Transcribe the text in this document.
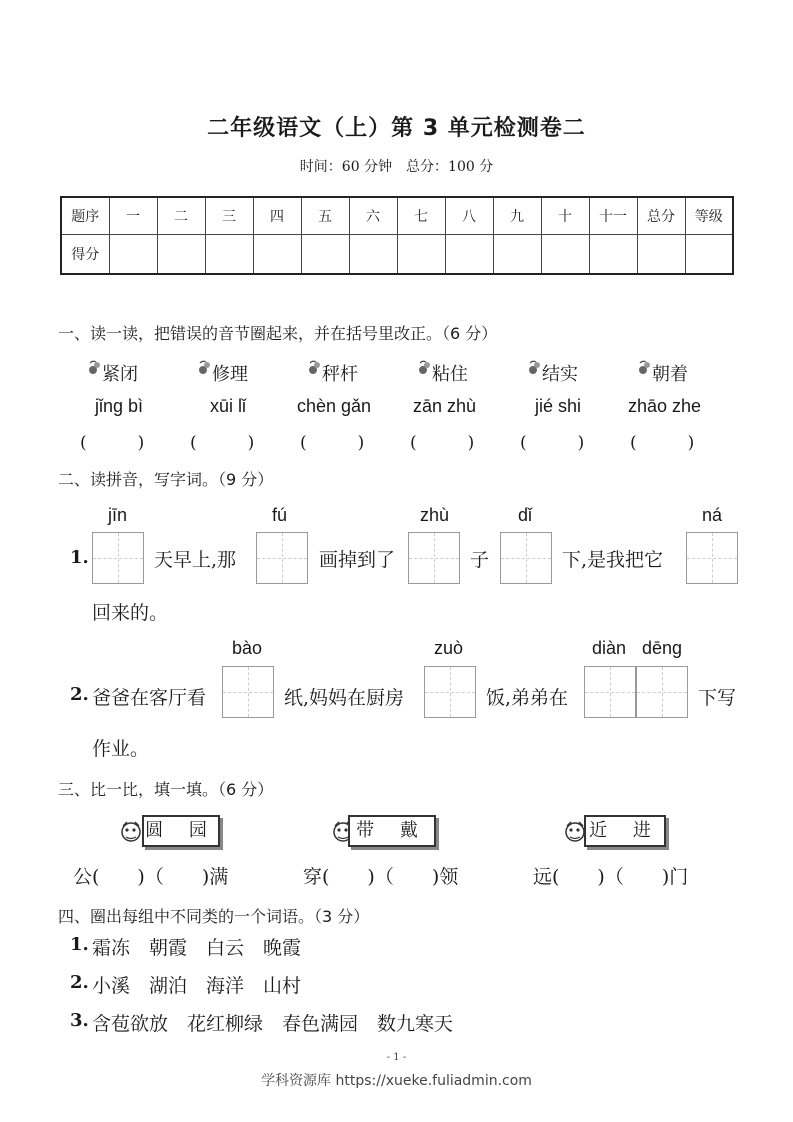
二年级语文（上）第 3 单元检测卷二
时间：60 分钟　总分：100 分
题序	一	二	三	四	五	六	七	八	九	十	十一	总分	等级
得分													
一、读一读，把错误的音节圈起来，并在括号里改正。（6 分）
紧闭
jǐng bì
(　　　)
修理
xūi lǐ
(　　　)
秤杆
chèn gǎn
(　　　)
粘住
zān zhù
(　　　)
结实
jié shi
(　　　)
朝着
zhāo zhe
(　　　)
二、读拼音，写字词。（9 分）
1.
jīn	fú	zhù	dǐ	ná
天早上,那	画掉到了	子	下,是我把它
回来的。
2.
bào	zuò	diàn dēng
爸爸在客厅看	纸,妈妈在厨房	饭,弟弟在	下写
作业。
三、比一比，填一填。（6 分）
圆 园	带 戴	近 进
公(　　)（　　)满	穿(　　)（　　)领	远(　　)（　　)门
四、圈出每组中不同类的一个词语。（3 分）
1. 霜冻　朝霞　白云　晚霞
2. 小溪　湖泊　海洋　山村
3. 含苞欲放　花红柳绿　春色满园　数九寒天
- 1 -
学科资源库 https://xueke.fuliadmin.com
